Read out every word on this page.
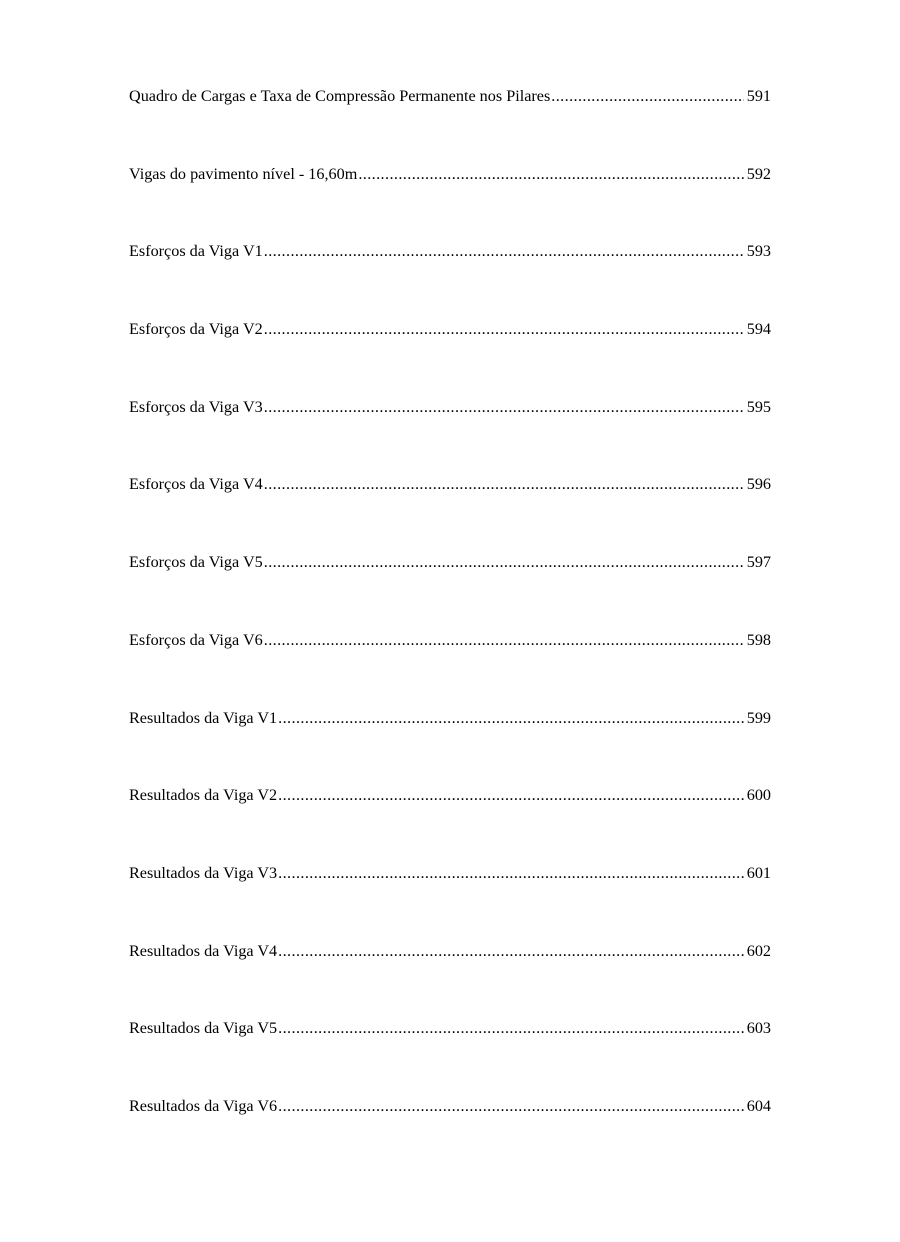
Quadro de Cargas e Taxa de Compressão Permanente nos Pilares .....	591
Vigas do pavimento nível - 16,60m .....	592
Esforços da Viga V1 .....	593
Esforços da Viga V2 .....	594
Esforços da Viga V3 .....	595
Esforços da Viga V4 .....	596
Esforços da Viga V5 .....	597
Esforços da Viga V6 .....	598
Resultados da Viga V1 .....	599
Resultados da Viga V2 .....	600
Resultados da Viga V3 .....	601
Resultados da Viga V4 .....	602
Resultados da Viga V5 .....	603
Resultados da Viga V6 .....	604
